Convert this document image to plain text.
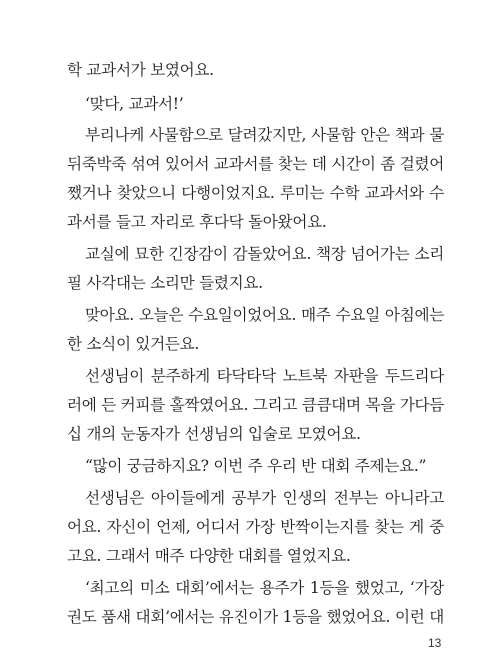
학 교과서가 보였어요.
‘맞다, 교과서!’
부리나케 사물함으로 달려갔지만, 사물함 안은 책과 물
뒤죽박죽 섞여 있어서 교과서를 찾는 데 시간이 좀 걸렸어
쨌거나 찾았으니 다행이었지요. 루미는 수학 교과서와 수
과서를 들고 자리로 후다닥 돌아왔어요.
교실에 묘한 긴장감이 감돌았어요. 책장 넘어가는 소리
필 사각대는 소리만 들렸지요.
맞아요. 오늘은 수요일이었어요. 매주 수요일 아침에는
한 소식이 있거든요.
선생님이 분주하게 타닥타닥 노트북 자판을 두드리다
러에 든 커피를 홀짝였어요. 그리고 큼큼대며 목을 가다듬
십 개의 눈동자가 선생님의 입술로 모였어요.
“많이 궁금하지요? 이번 주 우리 반 대회 주제는요.”
선생님은 아이들에게 공부가 인생의 전부는 아니라고
어요. 자신이 언제, 어디서 가장 반짝이는지를 찾는 게 중
고요. 그래서 매주 다양한 대회를 열었지요.
13
‘최고의 미소 대회’에서는 용주가 1등을 했었고, ‘가장
권도 품새 대회’에서는 유진이가 1등을 했었어요. 이런 대
